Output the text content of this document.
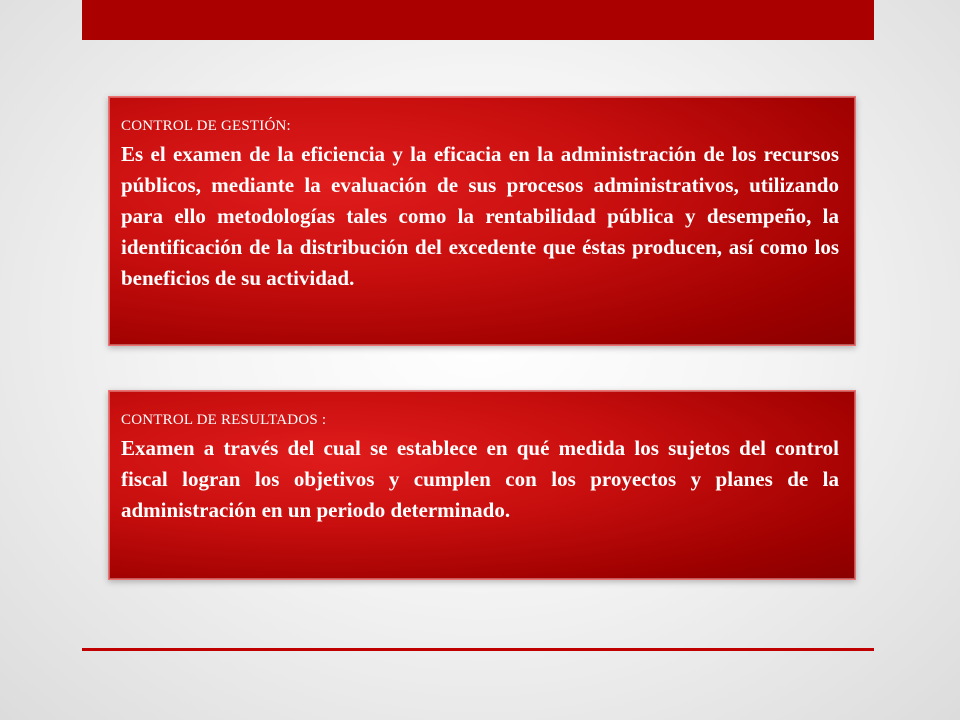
CONTROL DE GESTIÓN:
Es el examen de la eficiencia y la eficacia en la administración de los recursos públicos, mediante la evaluación de sus procesos administrativos, utilizando para ello metodologías tales como la rentabilidad pública y desempeño, la identificación de la distribución del excedente que éstas producen, así como los beneficios de su actividad.
CONTROL DE RESULTADOS :
Examen a través del cual se establece en qué medida los sujetos del control fiscal logran los objetivos y cumplen con los proyectos y planes de la administración en un periodo determinado.
